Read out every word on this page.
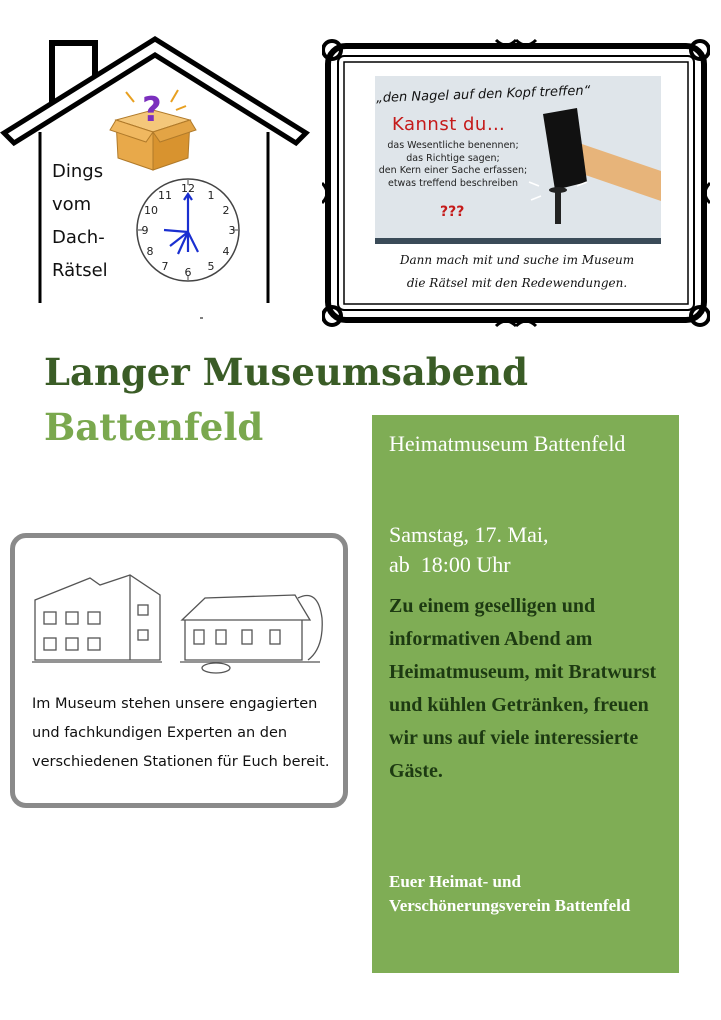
?
Dings
vom
Dach-
Rätsel
12
1
2
3
4
5
6
7
8
9
10
11
„den Nagel auf den Kopf treffen“
Kannst du…
das Wesentliche benennen;
das Richtige sagen;
den Kern einer Sache erfassen;
etwas treffend beschreiben
???
Dann mach mit und suche im Museum
die Rätsel mit den Redewendungen.
Langer Museumsabend
Battenfeld	Heimatmuseum Battenfeld
Samstag, 17. Mai,
ab  18:00 Uhr
Zu einem geselligen und informativen Abend am Heimatmuseum, mit Bratwurst und kühlen Getränken, freuen wir uns auf viele interessierte Gäste.
Euer Heimat- und Verschönerungsverein Battenfeld
Im Museum stehen unsere engagierten und fachkundigen Experten an den verschiedenen Stationen für Euch bereit.
